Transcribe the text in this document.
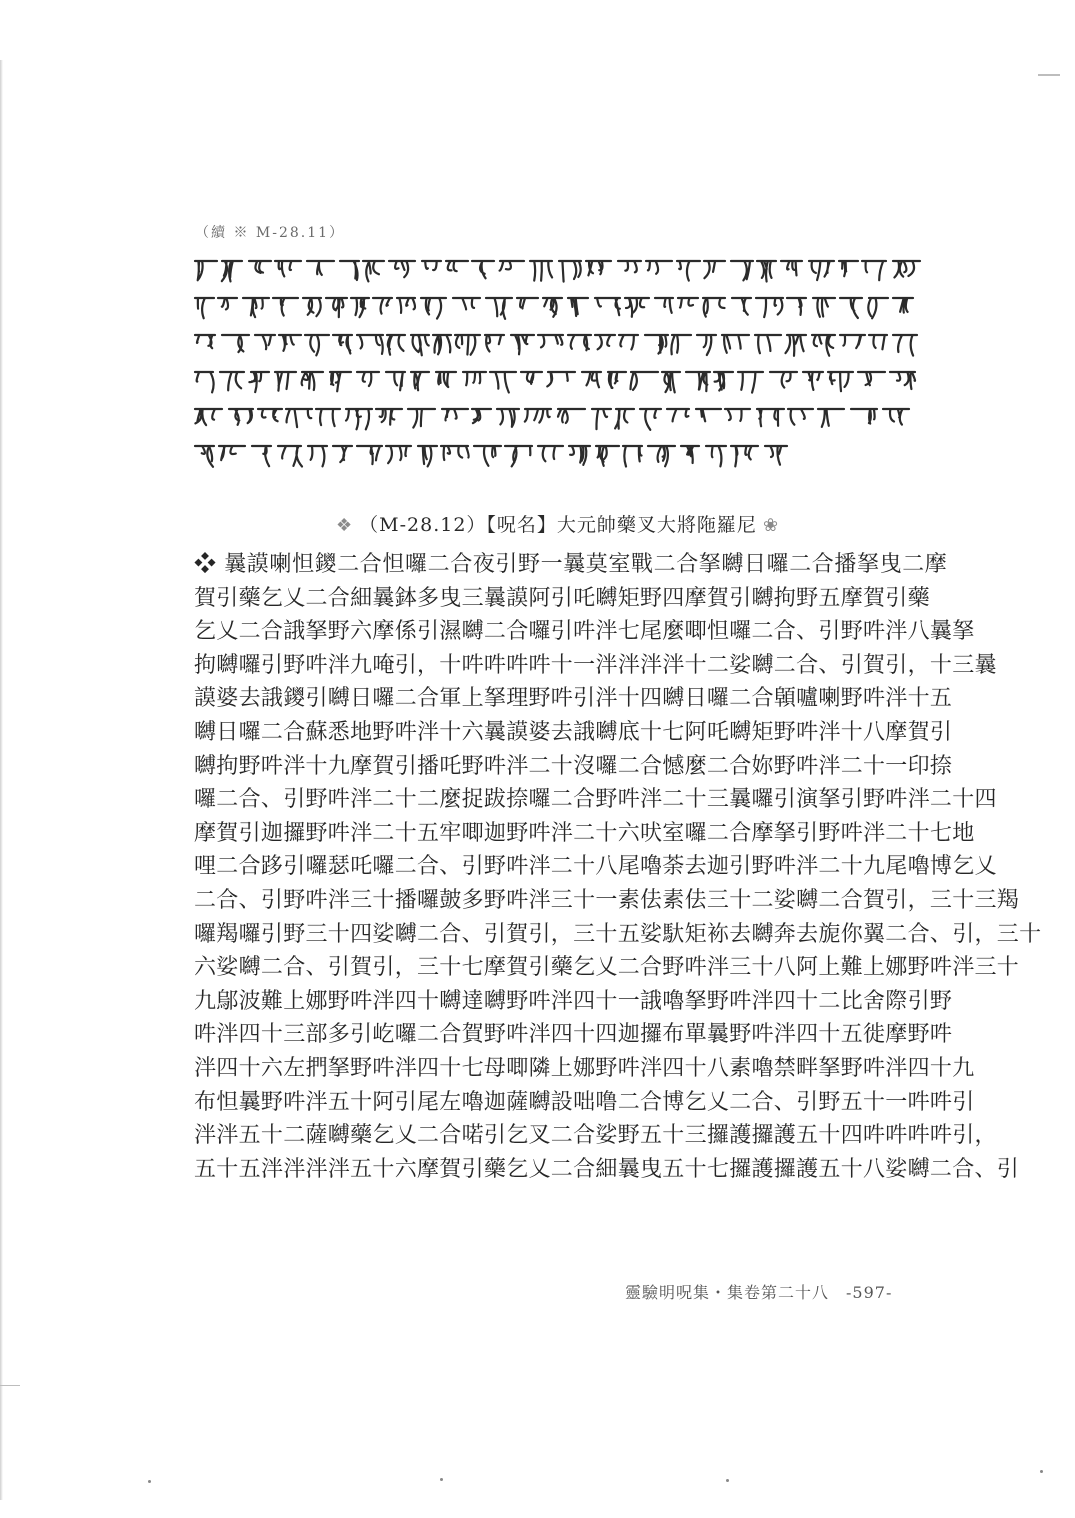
（續 ※ M-28.11）
❖ （M-28.12）【呪名】大元帥藥叉大將陁羅尼 ❀
❖ 曩謨喇怛鑁二合怛囉二合夜引野一曩莫室戰二合拏嚩日囉二合播拏曳二摩
賀引藥乞乂二合細曩鉢多曳三曩謨阿引吒嚩矩野四摩賀引嚩拘野五摩賀引藥
乞乂二合誐拏野六摩係引濕嚩二合囉引吽泮七尾麼唧怛囉二合、引野吽泮八曩拏
拘嚩囉引野吽泮九唵引，十吽吽吽吽十一泮泮泮泮十二娑嚩二合、引賀引，十三曩
謨婆去誐鑁引嚩日囉二合軍上拏理野吽引泮十四嚩日囉二合顊嚧喇野吽泮十五
嚩日囉二合蘇悉地野吽泮十六曩謨婆去誐嚩底十七阿吒嚩矩野吽泮十八摩賀引
嚩拘野吽泮十九摩賀引播吒野吽泮二十沒囉二合憾麼二合妳野吽泮二十一印捺
囉二合、引野吽泮二十二麼捉跋捺囉二合野吽泮二十三曩囉引演拏引野吽泮二十四
摩賀引迦攞野吽泮二十五牢唧迦野吽泮二十六吠室囉二合摩拏引野吽泮二十七地
哩二合跢引囉瑟吒囉二合、引野吽泮二十八尾嚕荼去迦引野吽泮二十九尾嚕博乞乂
二合、引野吽泮三十播囉皷多野吽泮三十一素佉素佉三十二娑嚩二合賀引，三十三羯
囉羯囉引野三十四娑嚩二合、引賀引，三十五娑馱矩袮去嚩奔去旎你翼二合、引，三十
六娑嚩二合、引賀引，三十七摩賀引藥乞乂二合野吽泮三十八阿上難上娜野吽泮三十
九鄔波難上娜野吽泮四十嚩達嚩野吽泮四十一誐嚕拏野吽泮四十二比舍際引野
吽泮四十三部多引屹囉二合賀野吽泮四十四迦攞布單曩野吽泮四十五徙摩野吽
泮四十六左捫拏野吽泮四十七母唧隣上娜野吽泮四十八素嚕禁畔拏野吽泮四十九
布怛曩野吽泮五十阿引尾左嚕迦薩嚩設咄噜二合博乞乂二合、引野五十一吽吽引
泮泮五十二薩嚩藥乞乂二合喏引乞叉二合娑野五十三攞護攞護五十四吽吽吽吽引，
五十五泮泮泮泮五十六摩賀引藥乞乂二合細曩曳五十七攞護攞護五十八娑嚩二合、引
靈驗明呪集・集卷第二十八　-597-
